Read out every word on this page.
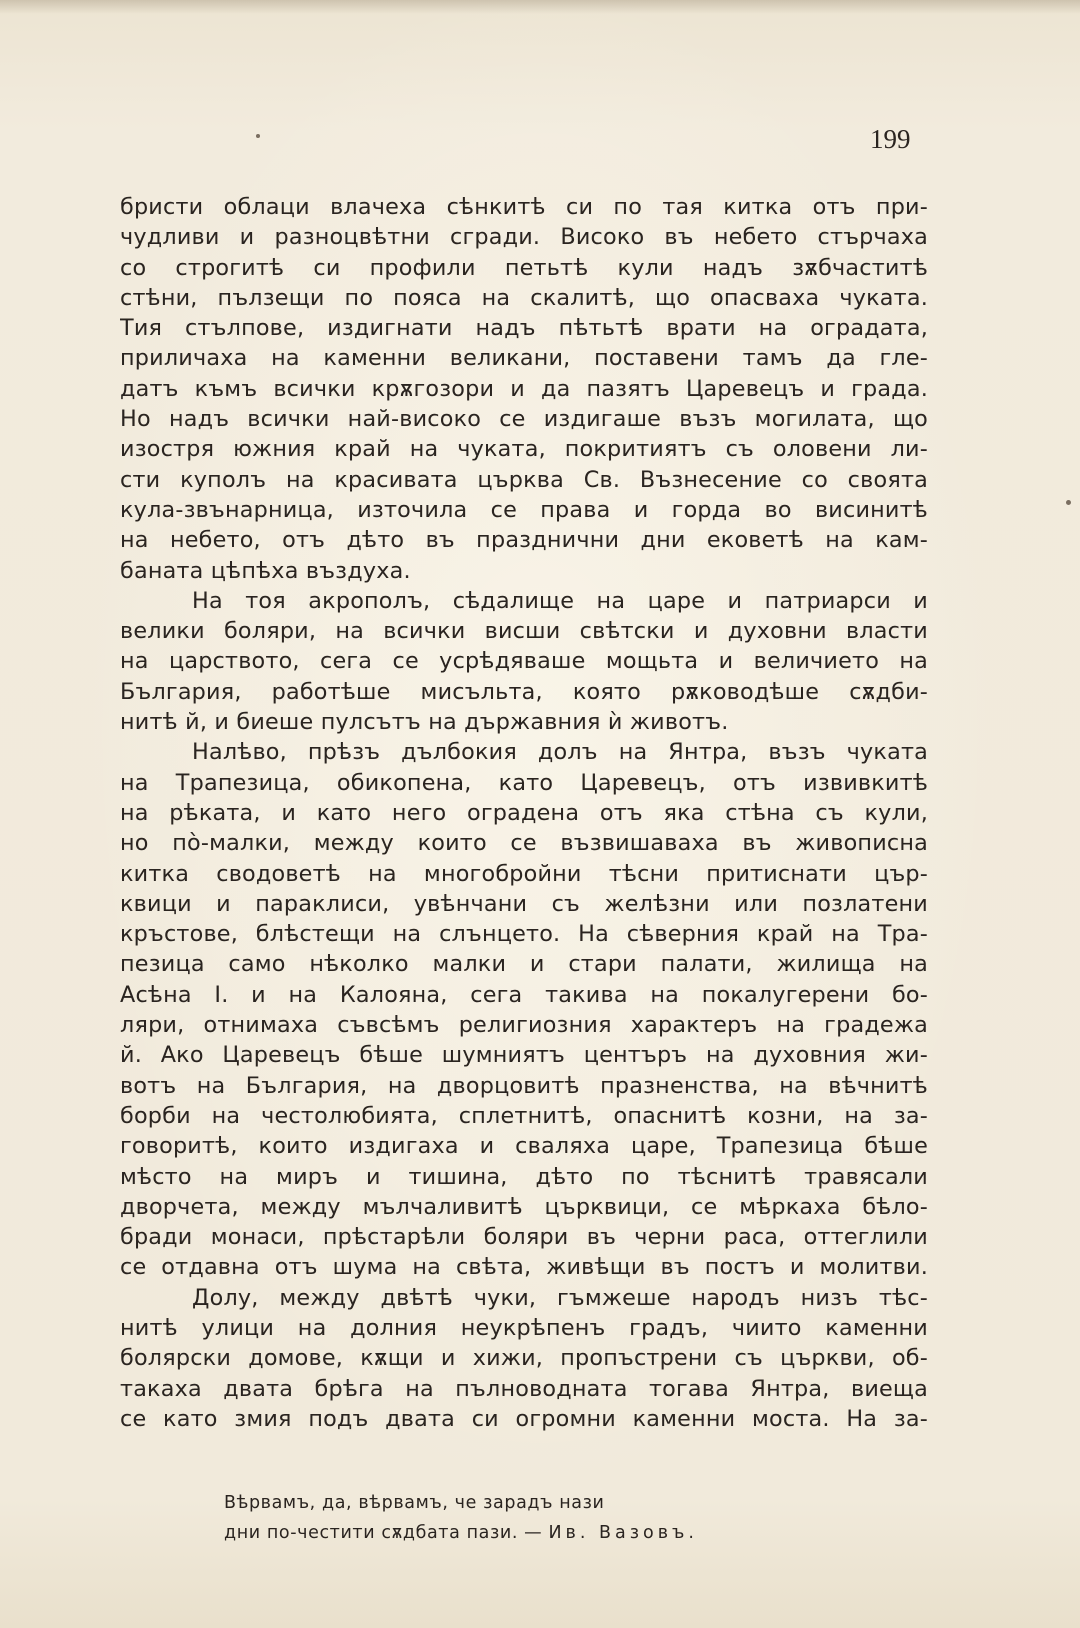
199
бристи облаци влачеха сѣнкитѣ си по тая китка отъ при-
чудливи и разноцвѣтни сгради. Високо въ небето стърчаха
со строгитѣ си профили петьтѣ кули надъ зѫбчаститѣ
стѣни, пълзещи по пояса на скалитѣ, що опасваха чуката.
Тия стълпове, издигнати надъ пѣтьтѣ врати на оградата,
приличаха на каменни великани, поставени тамъ да гле-
датъ къмъ всички крѫгозори и да пазятъ Царевецъ и града.
Но надъ всички най-високо се издигаше възъ могилата, що
изостря южния край на чуката, покритиятъ съ оловени ли-
сти куполъ на красивата църква Св. Възнесение со своята
кула-звънарница, източила се права и горда во висинитѣ
на небето, отъ дѣто въ празднични дни ековетѣ на кам-
баната цѣпѣха въздуха.
На тоя акрополъ, сѣдалище на царе и патриарси и
велики боляри, на всички висши свѣтски и духовни власти
на царството, сега се усрѣдяваше мощьта и величието на
България, работѣше мисъльта, която рѫководѣше сѫдби-
нитѣ й, и биеше пулсътъ на държавния ѝ животъ.
Налѣво, прѣзъ дълбокия долъ на Янтра, възъ чуката
на Трапезица, обикопена, като Царевецъ, отъ извивкитѣ
на рѣката, и като него оградена отъ яка стѣна съ кули,
но по̀-малки, между които се възвишаваха въ живописна
китка сводоветѣ на многобройни тѣсни притиснати цър-
квици и параклиси, увѣнчани съ желѣзни или позлатени
кръстове, блѣстещи на слънцето. На сѣверния край на Тра-
пезица само нѣколко малки и стари палати, жилища на
Асѣна I. и на Калояна, сега такива на покалугерени бо-
ляри, отнимаха съвсѣмъ религиозния характеръ на градежа
й. Ако Царевецъ бѣше шумниятъ центъръ на духовния жи-
вотъ на България, на дворцовитѣ празненства, на вѣчнитѣ
борби на честолюбията, сплетнитѣ, опаснитѣ козни, на за-
говоритѣ, които издигаха и сваляха царе, Трапезица бѣше
мѣсто на миръ и тишина, дѣто по тѣснитѣ травясали
дворчета, между мълчаливитѣ църквици, се мѣркаха бѣло-
бради монаси, прѣстарѣли боляри въ черни раса, оттеглили
се отдавна отъ шума на свѣта, живѣщи въ постъ и молитви.
Долу, между двѣтѣ чуки, гъмжеше народъ низъ тѣс-
нитѣ улици на долния неукрѣпенъ градъ, чиито каменни
болярски домове, кѫщи и хижи, пропъстрени съ църкви, об-
такаха двата брѣга на пълноводната тогава Янтра, виеща
се като змия подъ двата си огромни каменни моста. На за-
Вѣрвамъ, да, вѣрвамъ, че зарадъ нази
дни по-честити сѫдбата пази. — Ив. Вазовъ.
